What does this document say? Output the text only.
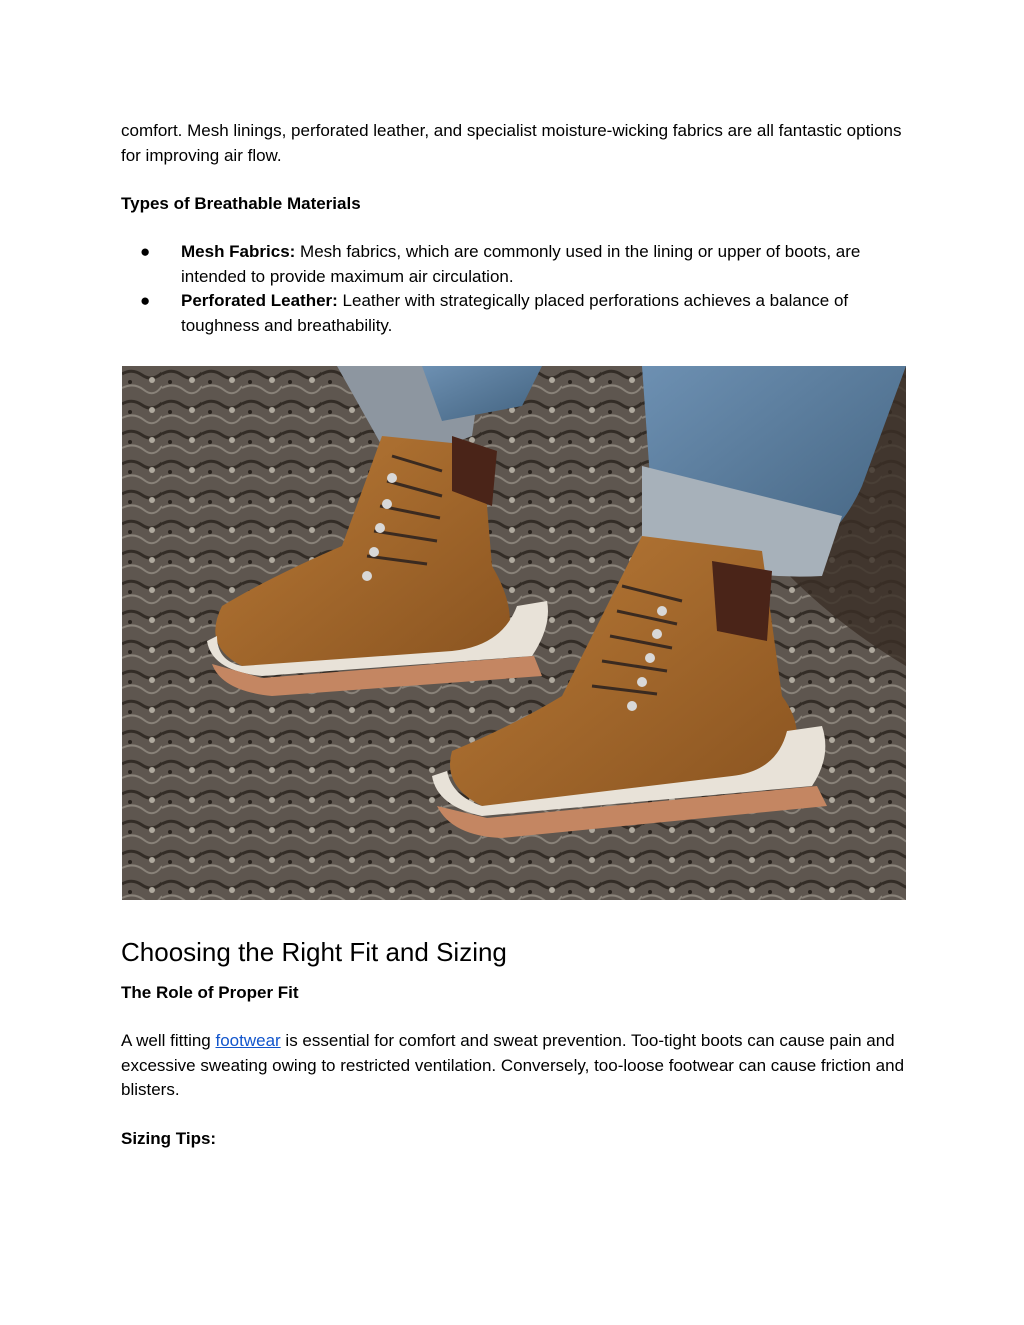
comfort. Mesh linings, perforated leather, and specialist moisture-wicking fabrics are all fantastic options for improving air flow.

Types of Breathable Materials

● Mesh Fabrics: Mesh fabrics, which are commonly used in the lining or upper of boots, are intended to provide maximum air circulation.
● Perforated Leather: Leather with strategically placed perforations achieves a balance of toughness and breathability.
Choosing the Right Fit and Sizing

The Role of Proper Fit

A well fitting footwear is essential for comfort and sweat prevention. Too-tight boots can cause pain and excessive sweating owing to restricted ventilation. Conversely, too-loose footwear can cause friction and blisters.

Sizing Tips:
